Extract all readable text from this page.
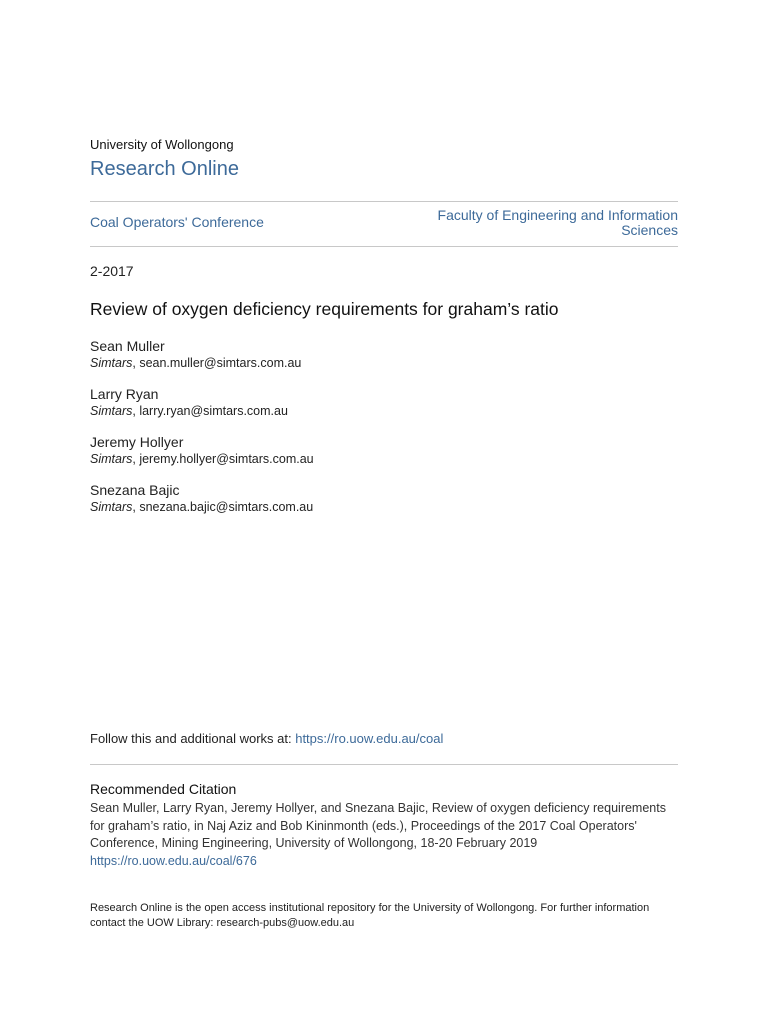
University of Wollongong
Research Online
Coal Operators' Conference	Faculty of Engineering and Information Sciences
2-2017
Review of oxygen deficiency requirements for graham’s ratio
Sean Muller
Simtars, sean.muller@simtars.com.au
Larry Ryan
Simtars, larry.ryan@simtars.com.au
Jeremy Hollyer
Simtars, jeremy.hollyer@simtars.com.au
Snezana Bajic
Simtars, snezana.bajic@simtars.com.au
Follow this and additional works at: https://ro.uow.edu.au/coal
Recommended Citation
Sean Muller, Larry Ryan, Jeremy Hollyer, and Snezana Bajic, Review of oxygen deficiency requirements for graham’s ratio, in Naj Aziz and Bob Kininmonth (eds.), Proceedings of the 2017 Coal Operators' Conference, Mining Engineering, University of Wollongong, 18-20 February 2019
https://ro.uow.edu.au/coal/676
Research Online is the open access institutional repository for the University of Wollongong. For further information contact the UOW Library: research-pubs@uow.edu.au
